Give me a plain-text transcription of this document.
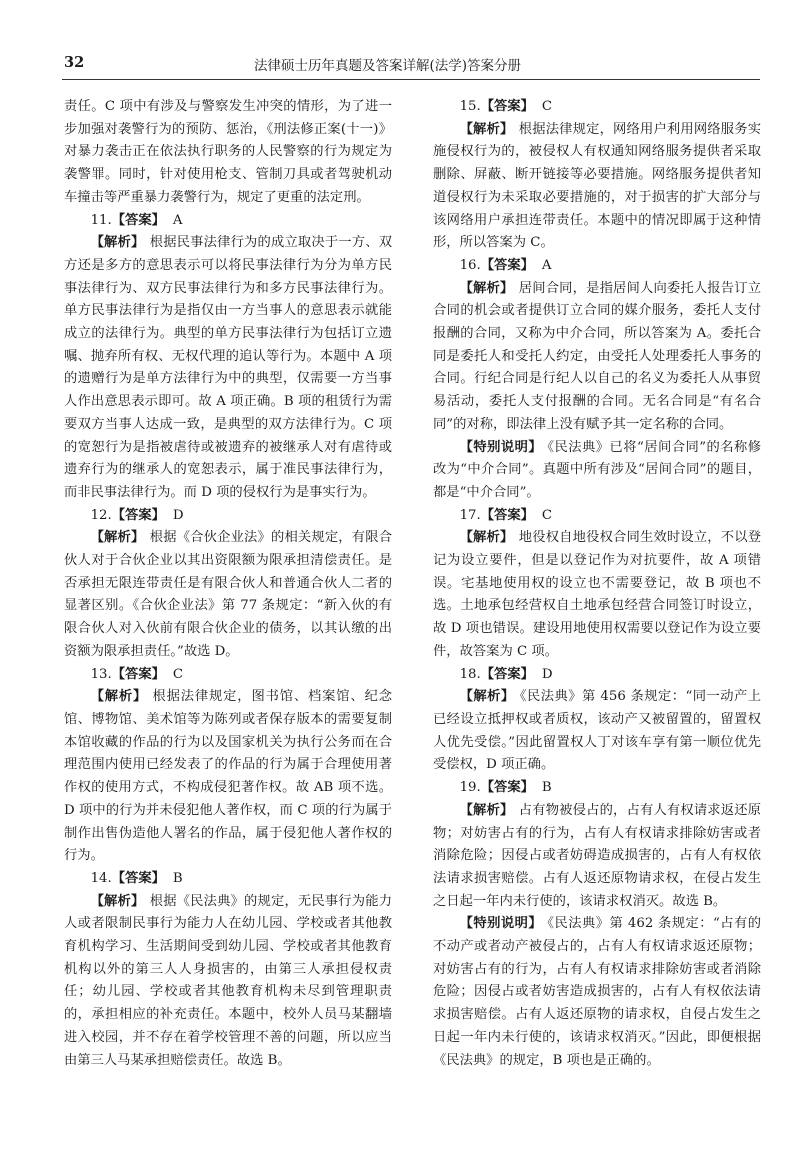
32	法律硕士历年真题及答案详解(法学)答案分册

责任。C 项中有涉及与警察发生冲突的情形，为了进一步加强对袭警行为的预防、惩治，《刑法修正案(十一)》对暴力袭击正在依法执行职务的人民警察的行为规定为袭警罪。同时，针对使用枪支、管制刀具或者驾驶机动车撞击等严重暴力袭警行为，规定了更重的法定刑。

11.【答案】 A

【解析】 根据民事法律行为的成立取决于一方、双方还是多方的意思表示可以将民事法律行为分为单方民事法律行为、双方民事法律行为和多方民事法律行为。单方民事法律行为是指仅由一方当事人的意思表示就能成立的法律行为。典型的单方民事法律行为包括订立遗嘱、抛弃所有权、无权代理的追认等行为。本题中 A 项的遗赠行为是单方法律行为中的典型，仅需要一方当事人作出意思表示即可。故 A 项正确。B 项的租赁行为需要双方当事人达成一致，是典型的双方法律行为。C 项的宽恕行为是指被虐待或被遗弃的被继承人对有虐待或遗弃行为的继承人的宽恕表示，属于准民事法律行为，而非民事法律行为。而 D 项的侵权行为是事实行为。

12.【答案】 D

【解析】 根据《合伙企业法》的相关规定，有限合伙人对于合伙企业以其出资限额为限承担清偿责任。是否承担无限连带责任是有限合伙人和普通合伙人二者的显著区别。《合伙企业法》第 77 条规定：“新入伙的有限合伙人对入伙前有限合伙企业的债务，以其认缴的出资额为限承担责任。”故选 D。

13.【答案】 C

【解析】 根据法律规定，图书馆、档案馆、纪念馆、博物馆、美术馆等为陈列或者保存版本的需要复制本馆收藏的作品的行为以及国家机关为执行公务而在合理范围内使用已经发表了的作品的行为属于合理使用著作权的使用方式，不构成侵犯著作权。故 AB 项不选。D 项中的行为并未侵犯他人著作权，而 C 项的行为属于制作出售伪造他人署名的作品，属于侵犯他人著作权的行为。

14.【答案】 B

【解析】 根据《民法典》的规定，无民事行为能力人或者限制民事行为能力人在幼儿园、学校或者其他教育机构学习、生活期间受到幼儿园、学校或者其他教育机构以外的第三人人身损害的，由第三人承担侵权责任；幼儿园、学校或者其他教育机构未尽到管理职责的，承担相应的补充责任。本题中，校外人员马某翻墙进入校园，并不存在着学校管理不善的问题，所以应当由第三人马某承担赔偿责任。故选 B。

15.【答案】 C

【解析】 根据法律规定，网络用户利用网络服务实施侵权行为的，被侵权人有权通知网络服务提供者采取删除、屏蔽、断开链接等必要措施。网络服务提供者知道侵权行为未采取必要措施的，对于损害的扩大部分与该网络用户承担连带责任。本题中的情况即属于这种情形，所以答案为 C。

16.【答案】 A

【解析】 居间合同，是指居间人向委托人报告订立合同的机会或者提供订立合同的媒介服务，委托人支付报酬的合同，又称为中介合同，所以答案为 A。委托合同是委托人和受托人约定，由受托人处理委托人事务的合同。行纪合同是行纪人以自己的名义为委托人从事贸易活动，委托人支付报酬的合同。无名合同是“有名合同”的对称，即法律上没有赋予其一定名称的合同。

【特别说明】 《民法典》已将“居间合同”的名称修改为“中介合同”。真题中所有涉及“居间合同”的题目，都是“中介合同”。

17.【答案】 C

【解析】 地役权自地役权合同生效时设立，不以登记为设立要件，但是以登记作为对抗要件，故 A 项错误。宅基地使用权的设立也不需要登记，故 B 项也不选。土地承包经营权自土地承包经营合同签订时设立，故 D 项也错误。建设用地使用权需要以登记作为设立要件，故答案为 C 项。

18.【答案】 D

【解析】 《民法典》第 456 条规定：“同一动产上已经设立抵押权或者质权，该动产又被留置的，留置权人优先受偿。”因此留置权人丁对该车享有第一顺位优先受偿权，D 项正确。

19.【答案】 B

【解析】 占有物被侵占的，占有人有权请求返还原物；对妨害占有的行为，占有人有权请求排除妨害或者消除危险；因侵占或者妨碍造成损害的，占有人有权依法请求损害赔偿。占有人返还原物请求权，在侵占发生之日起一年内未行使的，该请求权消灭。故选 B。

【特别说明】 《民法典》第 462 条规定：“占有的不动产或者动产被侵占的，占有人有权请求返还原物；对妨害占有的行为，占有人有权请求排除妨害或者消除危险；因侵占或者妨害造成损害的，占有人有权依法请求损害赔偿。占有人返还原物的请求权，自侵占发生之日起一年内未行使的，该请求权消灭。”因此，即便根据《民法典》的规定，B 项也是正确的。
